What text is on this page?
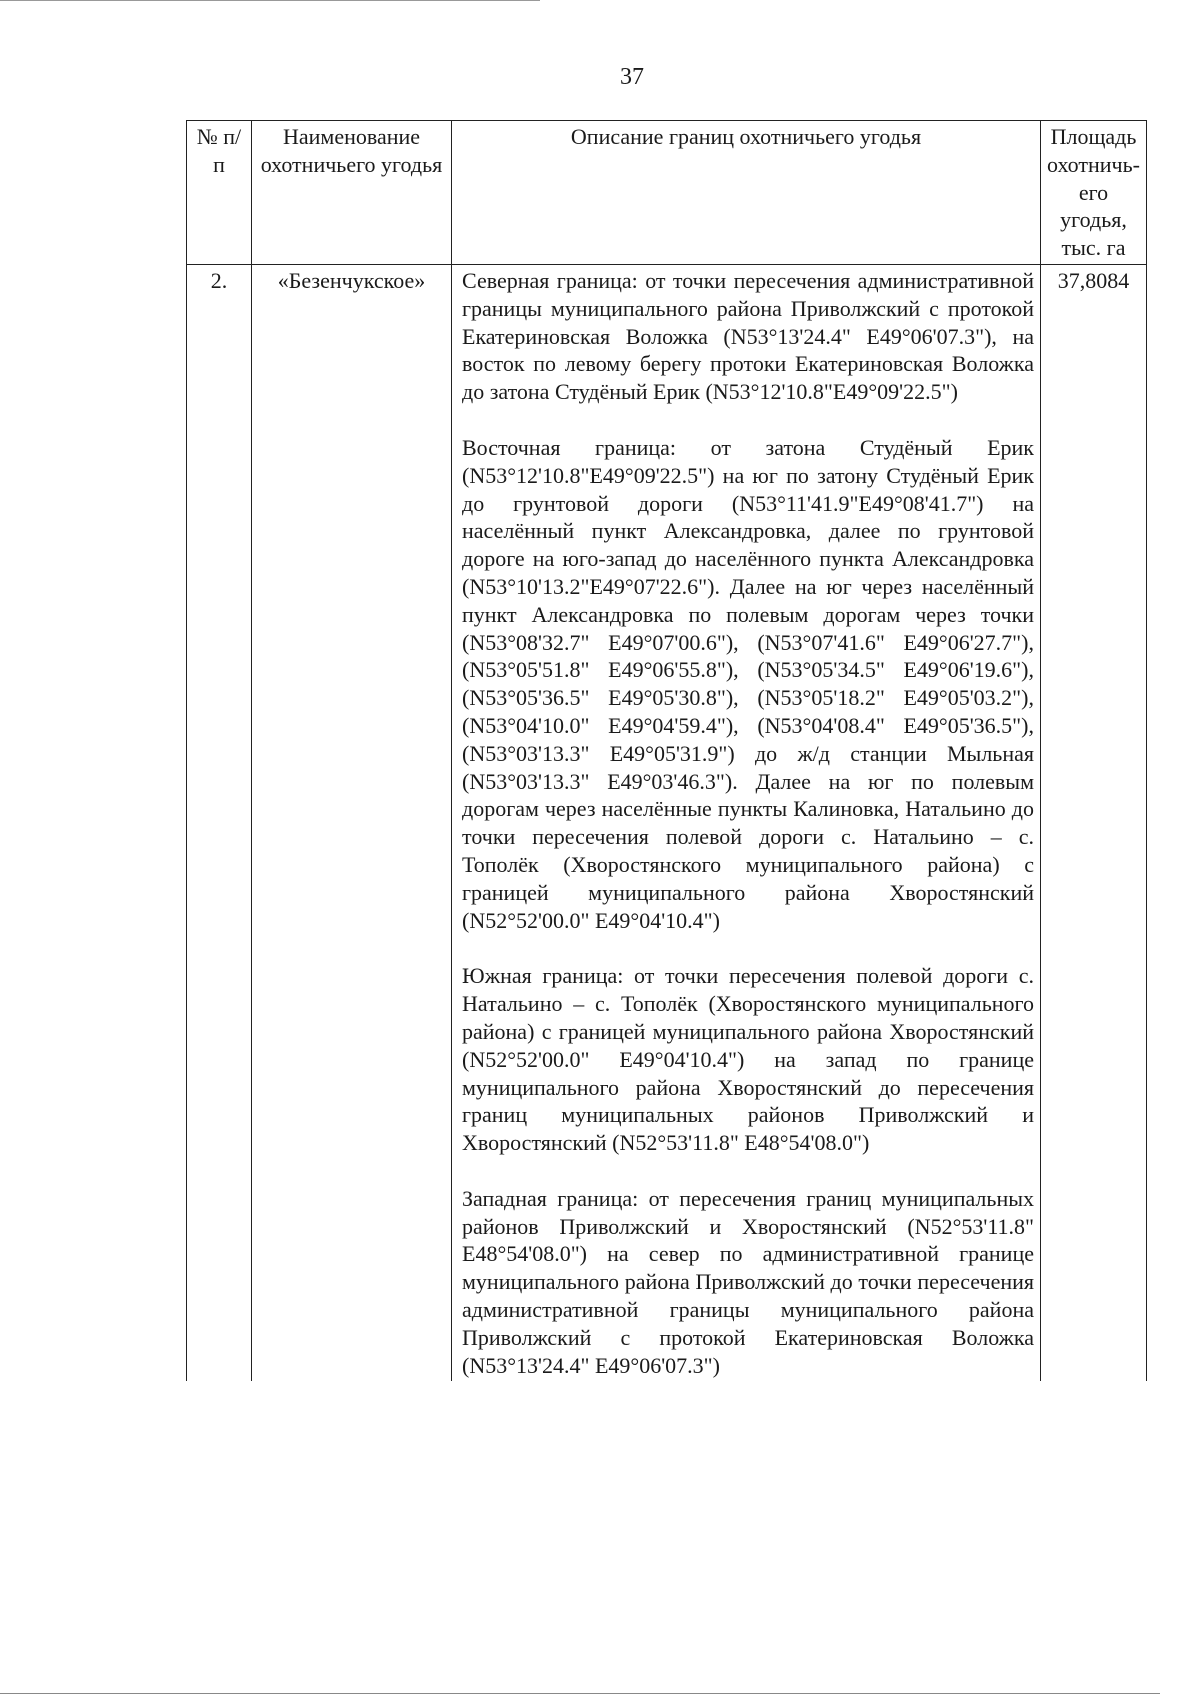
37
№ п/п	Наименование охотничьего угодья	Описание границ охотничьего угодья	Площадь охотничь-его угодья, тыс. га
2.	«Безенчукское»	Северная граница: от точки пересечения административной границы муниципального района Приволжский с протокой Екатериновская Воложка (N53°13'24.4" E49°06'07.3"), на восток по левому берегу протоки Екатериновская Воложка до затона Студёный Ерик (N53°12'10.8"E49°09'22.5")

Восточная граница: от затона Студёный Ерик (N53°12'10.8"E49°09'22.5") на юг по затону Студёный Ерик до грунтовой дороги (N53°11'41.9"E49°08'41.7") на населённый пункт Александровка, далее по грунтовой дороге на юго-запад до населённого пункта Александровка (N53°10'13.2"E49°07'22.6"). Далее на юг через населённый пункт Александровка по полевым дорогам через точки (N53°08'32.7" E49°07'00.6"), (N53°07'41.6" E49°06'27.7"), (N53°05'51.8" E49°06'55.8"), (N53°05'34.5" E49°06'19.6"), (N53°05'36.5" E49°05'30.8"), (N53°05'18.2" E49°05'03.2"), (N53°04'10.0" E49°04'59.4"), (N53°04'08.4" E49°05'36.5"), (N53°03'13.3" E49°05'31.9") до ж/д станции Мыльная (N53°03'13.3" E49°03'46.3"). Далее на юг по полевым дорогам через населённые пункты Калиновка, Натальино до точки пересечения полевой дороги с. Натальино – с. Тополёк (Хворостянского муниципального района) с границей муниципального района Хворостянский (N52°52'00.0" E49°04'10.4")

Южная граница: от точки пересечения полевой дороги с. Натальино – с. Тополёк (Хворостянского муниципального района) с границей муниципального района Хворостянский (N52°52'00.0" E49°04'10.4") на запад по границе муниципального района Хворостянский до пересечения границ муниципальных районов Приволжский и Хворостянский (N52°53'11.8" E48°54'08.0")

Западная граница: от пересечения границ муниципальных районов Приволжский и Хворостянский (N52°53'11.8" E48°54'08.0") на север по административной границе муниципального района Приволжский до точки пересечения административной границы муниципального района Приволжский с протокой Екатериновская Воложка (N53°13'24.4" E49°06'07.3")	37,8084
